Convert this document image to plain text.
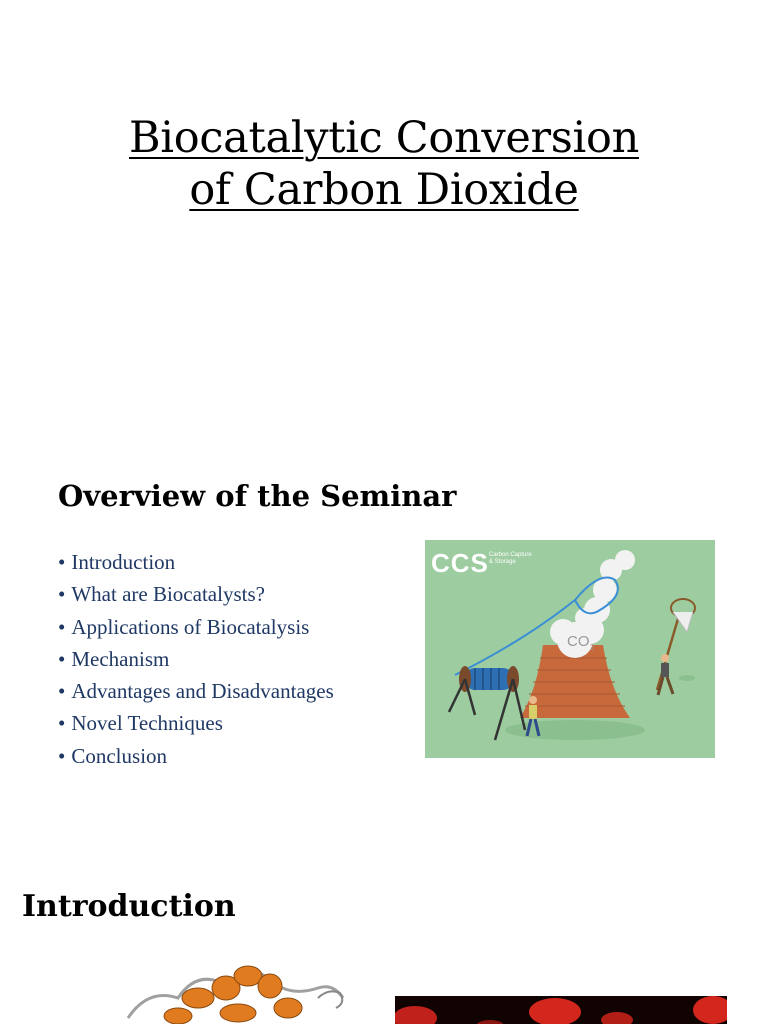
Biocatalytic Conversion
of Carbon Dioxide
Overview of the Seminar
• Introduction
• What are Biocatalysts?
• Applications of Biocatalysis
• Mechanism
• Advantages and Disadvantages
• Novel Techniques
• Conclusion
CCS Carbon Capture & Storage
CO 2
Introduction
